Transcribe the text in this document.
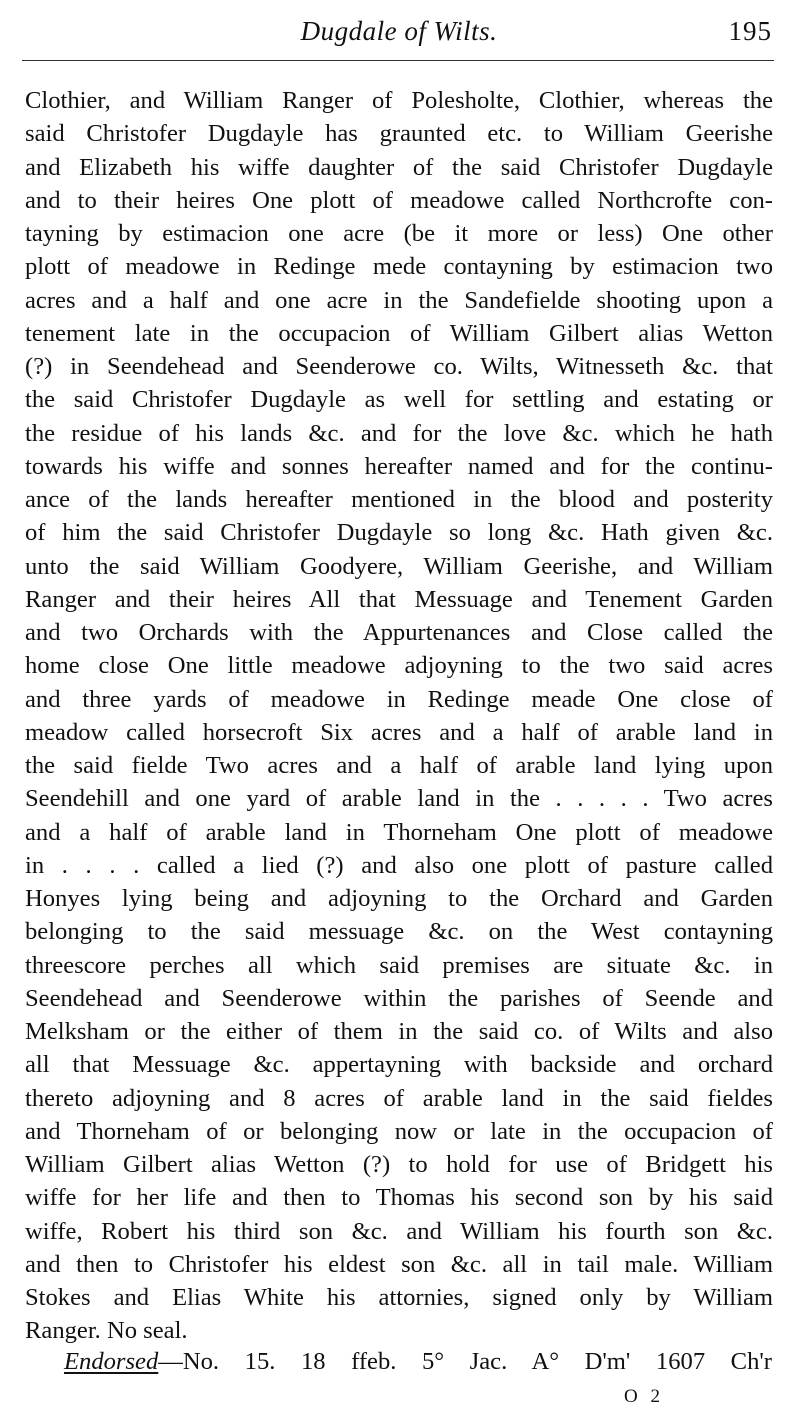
Dugdale of Wilts.	195
Clothier, and William Ranger of Polesholte, Clothier, whereas the
said Christofer Dugdayle has graunted etc. to William Geerishe
and Elizabeth his wiffe daughter of the said Christofer Dugdayle
and to their heires One plott of meadowe called Northcrofte con-
tayning by estimacion one acre (be it more or less) One other
plott of meadowe in Redinge mede contayning by estimacion two
acres and a half and one acre in the Sandefielde shooting upon a
tenement late in the occupacion of William Gilbert alias Wetton
(?) in Seendehead and Seenderowe co. Wilts, Witnesseth &c. that
the said Christofer Dugdayle as well for settling and estating or
the residue of his lands &c. and for the love &c. which he hath
towards his wiffe and sonnes hereafter named and for the continu-
ance of the lands hereafter mentioned in the blood and posterity
of him the said Christofer Dugdayle so long &c. Hath given &c.
unto the said William Goodyere, William Geerishe, and William
Ranger and their heires All that Messuage and Tenement Garden
and two Orchards with the Appurtenances and Close called the
home close One little meadowe adjoyning to the two said acres
and three yards of meadowe in Redinge meade One close of
meadow called horsecroft Six acres and a half of arable land in
the said fielde Two acres and a half of arable land lying upon
Seendehill and one yard of arable land in the . . . . . Two acres
and a half of arable land in Thorneham One plott of meadowe
in . . . . called a lied (?) and also one plott of pasture called
Honyes lying being and adjoyning to the Orchard and Garden
belonging to the said messuage &c. on the West contayning
threescore perches all which said premises are situate &c. in
Seendehead and Seenderowe within the parishes of Seende and
Melksham or the either of them in the said co. of Wilts and also
all that Messuage &c. appertayning with backside and orchard
thereto adjoyning and 8 acres of arable land in the said fieldes
and Thorneham of or belonging now or late in the occupacion of
William Gilbert alias Wetton (?) to hold for use of Bridgett his
wiffe for her life and then to Thomas his second son by his said
wiffe, Robert his third son &c. and William his fourth son &c.
and then to Christofer his eldest son &c. all in tail male. William
Stokes and Elias White his attornies, signed only by William
Ranger. No seal.
Endorsed—No. 15. 18 ffeb. 5° Jac. A° D'm' 1607 Ch'r
O 2
